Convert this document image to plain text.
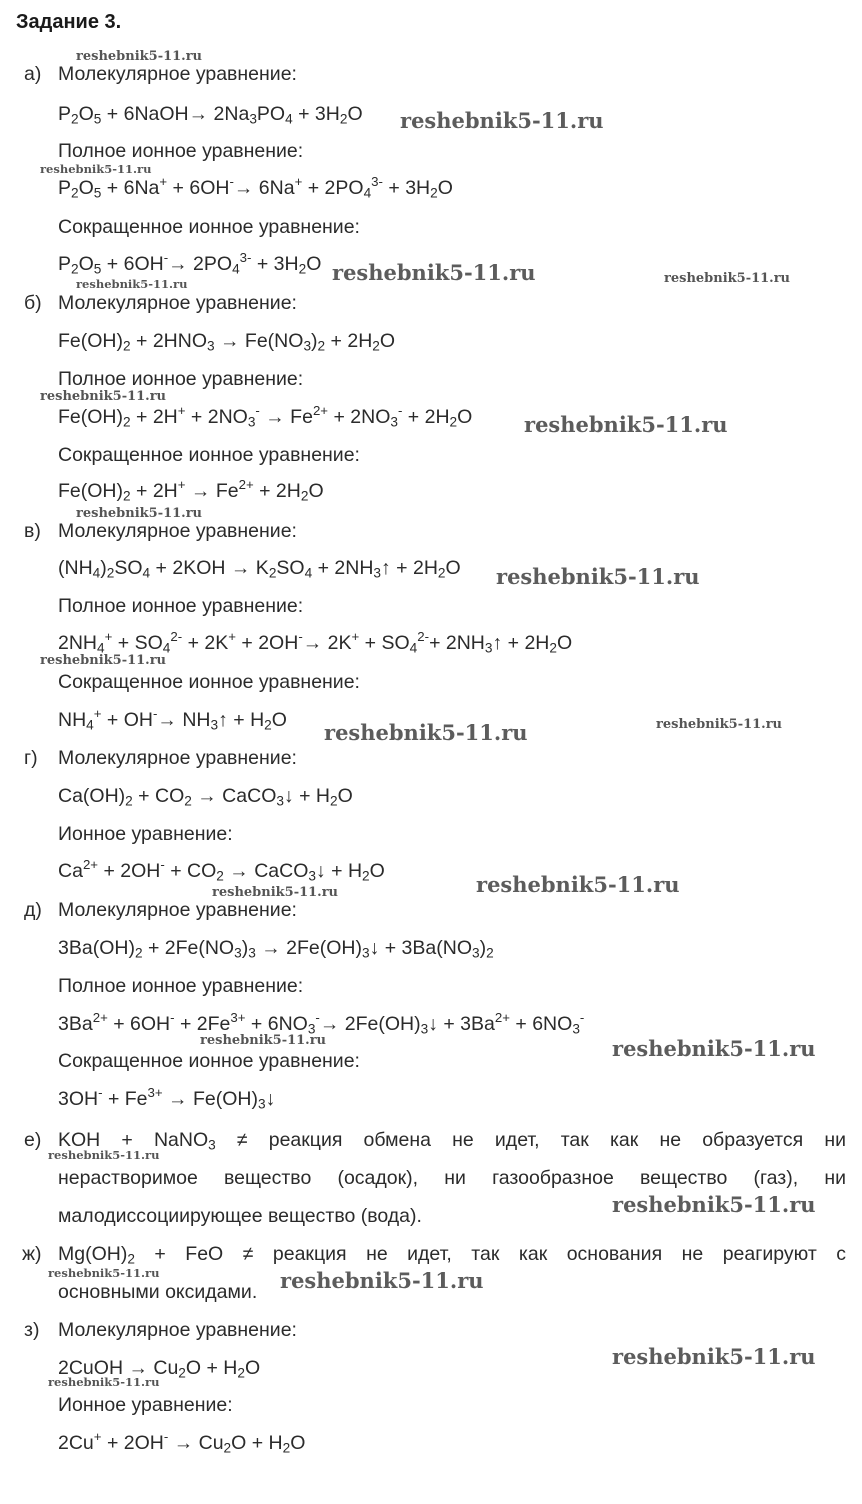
Задание 3.
а) Молекулярное уравнение:
$P_2O_5$ + 6NaOH→ $2Na_3PO_4 + 3H_2O$
Полное ионное уравнение:
$P_2O_5 + 6Na^+ + 6OH^-\to 6Na^+ + 2PO_4^{3-} + 3H_2O$
Сокращенное ионное уравнение:
$P_2O_5 + 6OH^-\to 2PO_4^{3-} + 3H_2O$
б) Молекулярное уравнение:
$Fe(OH)_2 + 2HNO_3 \to Fe(NO_3)_2 + 2H_2O$
Полное ионное уравнение:
$Fe(OH)_2 + 2H^+ + 2NO_3^- \to Fe^{2+} + 2NO_3^- + 2H_2O$
Сокращенное ионное уравнение:
$Fe(OH)_2 + 2H^+ \to Fe^{2+} + 2H_2O$
в) Молекулярное уравнение:
$(NH_4)_2SO_4 + 2KOH \to K_2SO_4$ + $2NH_3↑ + 2H_2O$
Полное ионное уравнение:
$2NH_4^+ + SO_4^{2-} + 2K^+ + 2OH^-\to 2K^+ + SO_4^{2-}+$ $2NH_3↑ + 2H_2O$
Сокращенное ионное уравнение:
$NH_4^+ + OH^-\to$ $NH_3↑ + H_2O$
г) Молекулярное уравнение:
$Ca(OH)_2 + CO_2$ → CaCO$_3$↓ + $H_2O$
Ионное уравнение:
$Ca^{2+} + 2OH^- + CO_2$ → CaCO$_3$↓ + $H_2O$
д) Молекулярное уравнение:
$3Ba(OH)_2 + 2Fe(NO_3)_3$ → $2Fe(OH)_3↓ + 3Ba(NO_3)_2$
Полное ионное уравнение:
$3Ba^{2+} + 6OH^- + 2Fe^{3+} + 6NO_3^-\to$ $2Fe(OH)_3↓ + 3Ba^{2+} + 6NO_3^-$
Сокращенное ионное уравнение:
$3OH^- + Fe^{3+}$ → $Fe(OH)_3↓$
е) KOH + NaNO$_3$ ≠ реакция обмена не идет, так как не образуется ни
нерастворимое вещество (осадок), ни газообразное вещество (газ), ни
малодиссоциирующее вещество (вода).
ж) $Mg(OH)_2$ + FeO ≠ реакция не идет, так как основания не реагируют с
основными оксидами.
з) Молекулярное уравнение:
2CuOH → $Cu_2O + H_2O$
Ионное уравнение:
$2Cu^+ + 2OH^- \to Cu_2O + H_2O$
reshebnik5-11.ru
reshebnik5-11.ru
reshebnik5-11.ru
reshebnik5-11.ru	reshebnik5-11.ru	reshebnik5-11.ru
reshebnik5-11.ru
reshebnik5-11.ru
reshebnik5-11.ru
reshebnik5-11.ru
reshebnik5-11.ru
reshebnik5-11.ru	reshebnik5-11.ru
reshebnik5-11.ru	reshebnik5-11.ru
reshebnik5-11.ru	reshebnik5-11.ru
reshebnik5-11.ru
reshebnik5-11.ru
reshebnik5-11.ru	reshebnik5-11.ru
reshebnik5-11.ru
reshebnik5-11.ru
